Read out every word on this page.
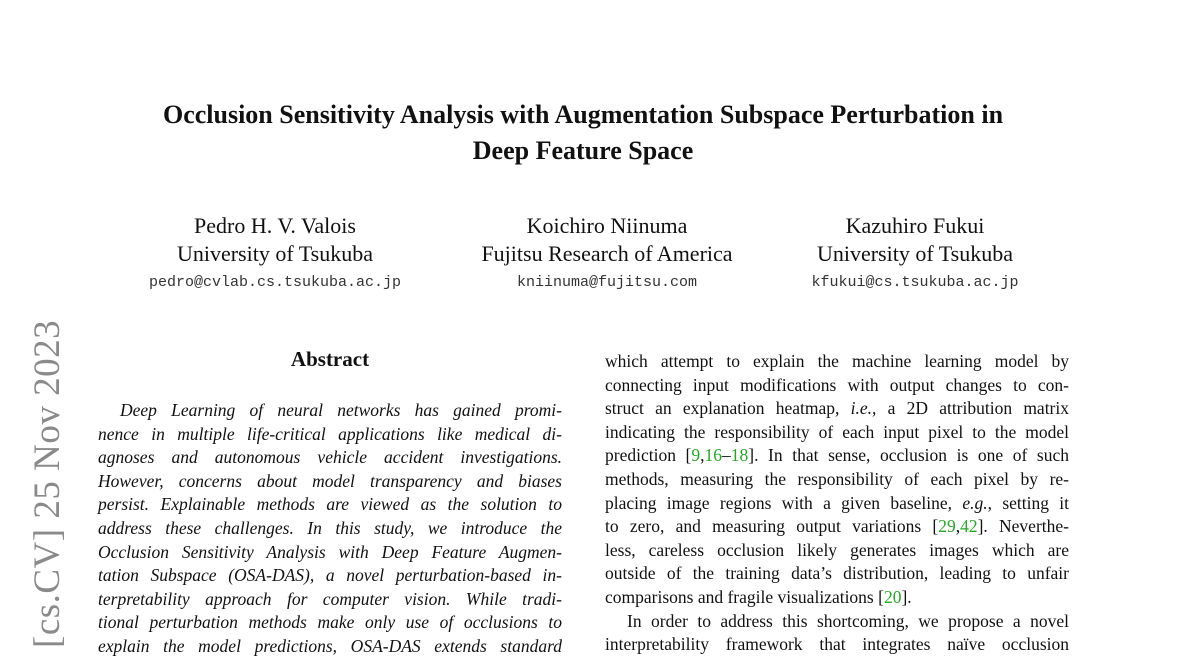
Occlusion Sensitivity Analysis with Augmentation Subspace Perturbation in
Deep Feature Space
Pedro H. V. Valois
University of Tsukuba
pedro@cvlab.cs.tsukuba.ac.jp
Koichiro Niinuma
Fujitsu Research of America
kniinuma@fujitsu.com
Kazuhiro Fukui
University of Tsukuba
kfukui@cs.tsukuba.ac.jp
[cs.CV] 25 Nov 2023	Abstract
Deep Learning of neural networks has gained promi-
nence in multiple life-critical applications like medical di-
agnoses and autonomous vehicle accident investigations.
However, concerns about model transparency and biases
persist. Explainable methods are viewed as the solution to
address these challenges. In this study, we introduce the
Occlusion Sensitivity Analysis with Deep Feature Augmen-
tation Subspace (OSA-DAS), a novel perturbation-based in-
terpretability approach for computer vision. While tradi-
tional perturbation methods make only use of occlusions to
explain the model predictions, OSA-DAS extends standard
which attempt to explain the machine learning model by
connecting input modifications with output changes to con-
struct an explanation heatmap, i.e., a 2D attribution matrix
indicating the responsibility of each input pixel to the model
prediction [9,16–18]. In that sense, occlusion is one of such
methods, measuring the responsibility of each pixel by re-
placing image regions with a given baseline, e.g., setting it
to zero, and measuring output variations [29,42]. Neverthe-
less, careless occlusion likely generates images which are
outside of the training data’s distribution, leading to unfair
comparisons and fragile visualizations [20].
In order to address this shortcoming, we propose a novel
interpretability framework that integrates naïve occlusion
